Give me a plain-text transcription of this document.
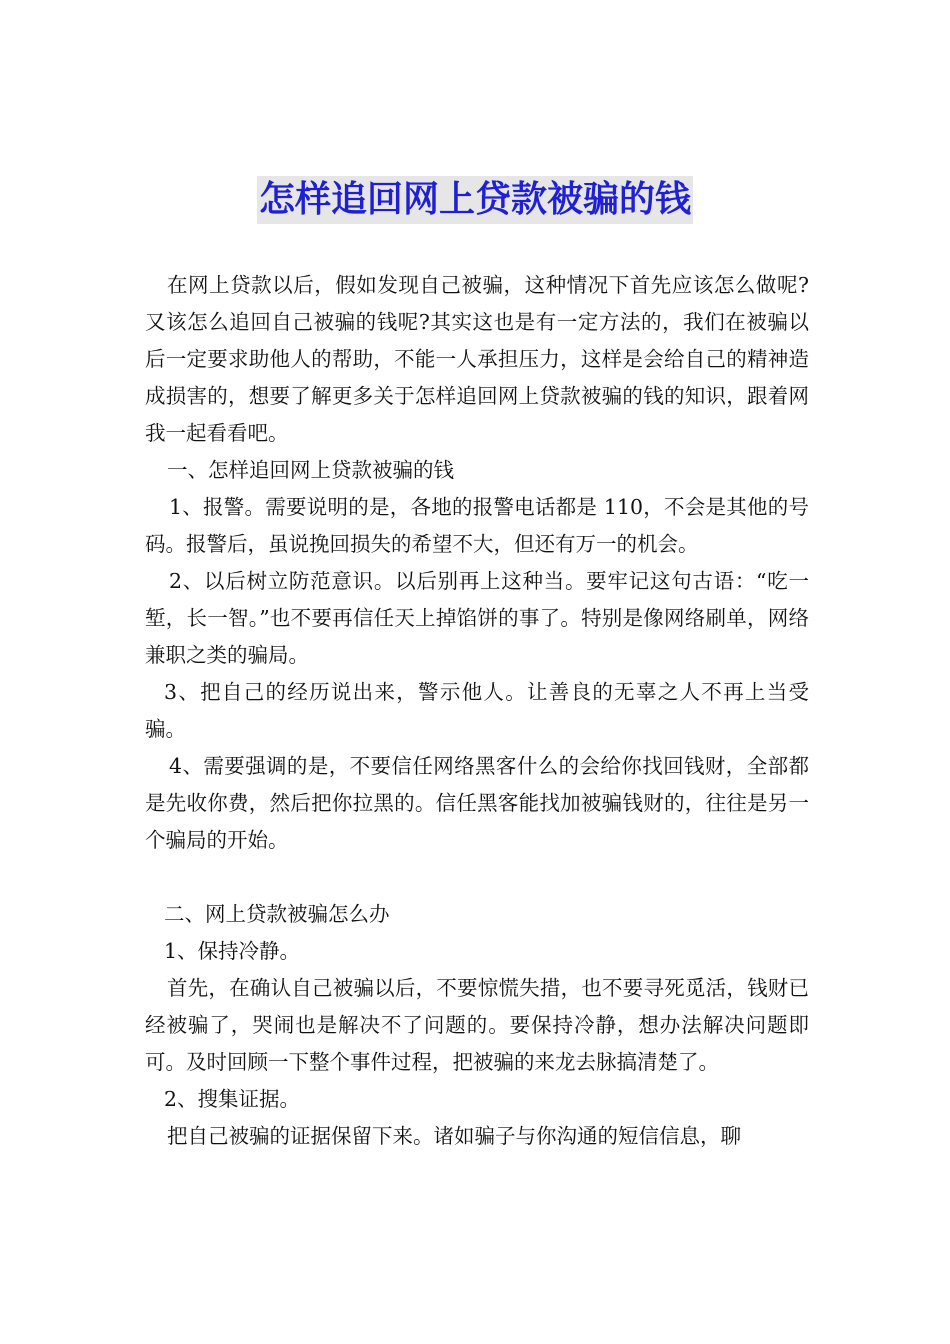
怎样追回网上贷款被骗的钱

在网上贷款以后，假如发现自己被骗，这种情况下首先应该怎么做呢?又该怎么追回自己被骗的钱呢?其实这也是有一定方法的，我们在被骗以后一定要求助他人的帮助，不能一人承担压力，这样是会给自己的精神造成损害的，想要了解更多关于怎样追回网上贷款被骗的钱的知识，跟着网我一起看看吧。

一、怎样追回网上贷款被骗的钱

1、报警。需要说明的是，各地的报警电话都是 110，不会是其他的号码。报警后，虽说挽回损失的希望不大，但还有万一的机会。

2、以后树立防范意识。以后别再上这种当。要牢记这句古语：“吃一堑，长一智。”也不要再信任天上掉馅饼的事了。特别是像网络刷单，网络兼职之类的骗局。

3、把自己的经历说出来，警示他人。让善良的无辜之人不再上当受骗。

4、需要强调的是，不要信任网络黑客什么的会给你找回钱财，全部都是先收你费，然后把你拉黑的。信任黑客能找加被骗钱财的，往往是另一个骗局的开始。

二、网上贷款被骗怎么办

1、保持冷静。

首先，在确认自己被骗以后，不要惊慌失措，也不要寻死觅活，钱财已经被骗了，哭闹也是解决不了问题的。要保持冷静，想办法解决问题即可。及时回顾一下整个事件过程，把被骗的来龙去脉搞清楚了。

2、搜集证据。

把自己被骗的证据保留下来。诸如骗子与你沟通的短信信息，聊
